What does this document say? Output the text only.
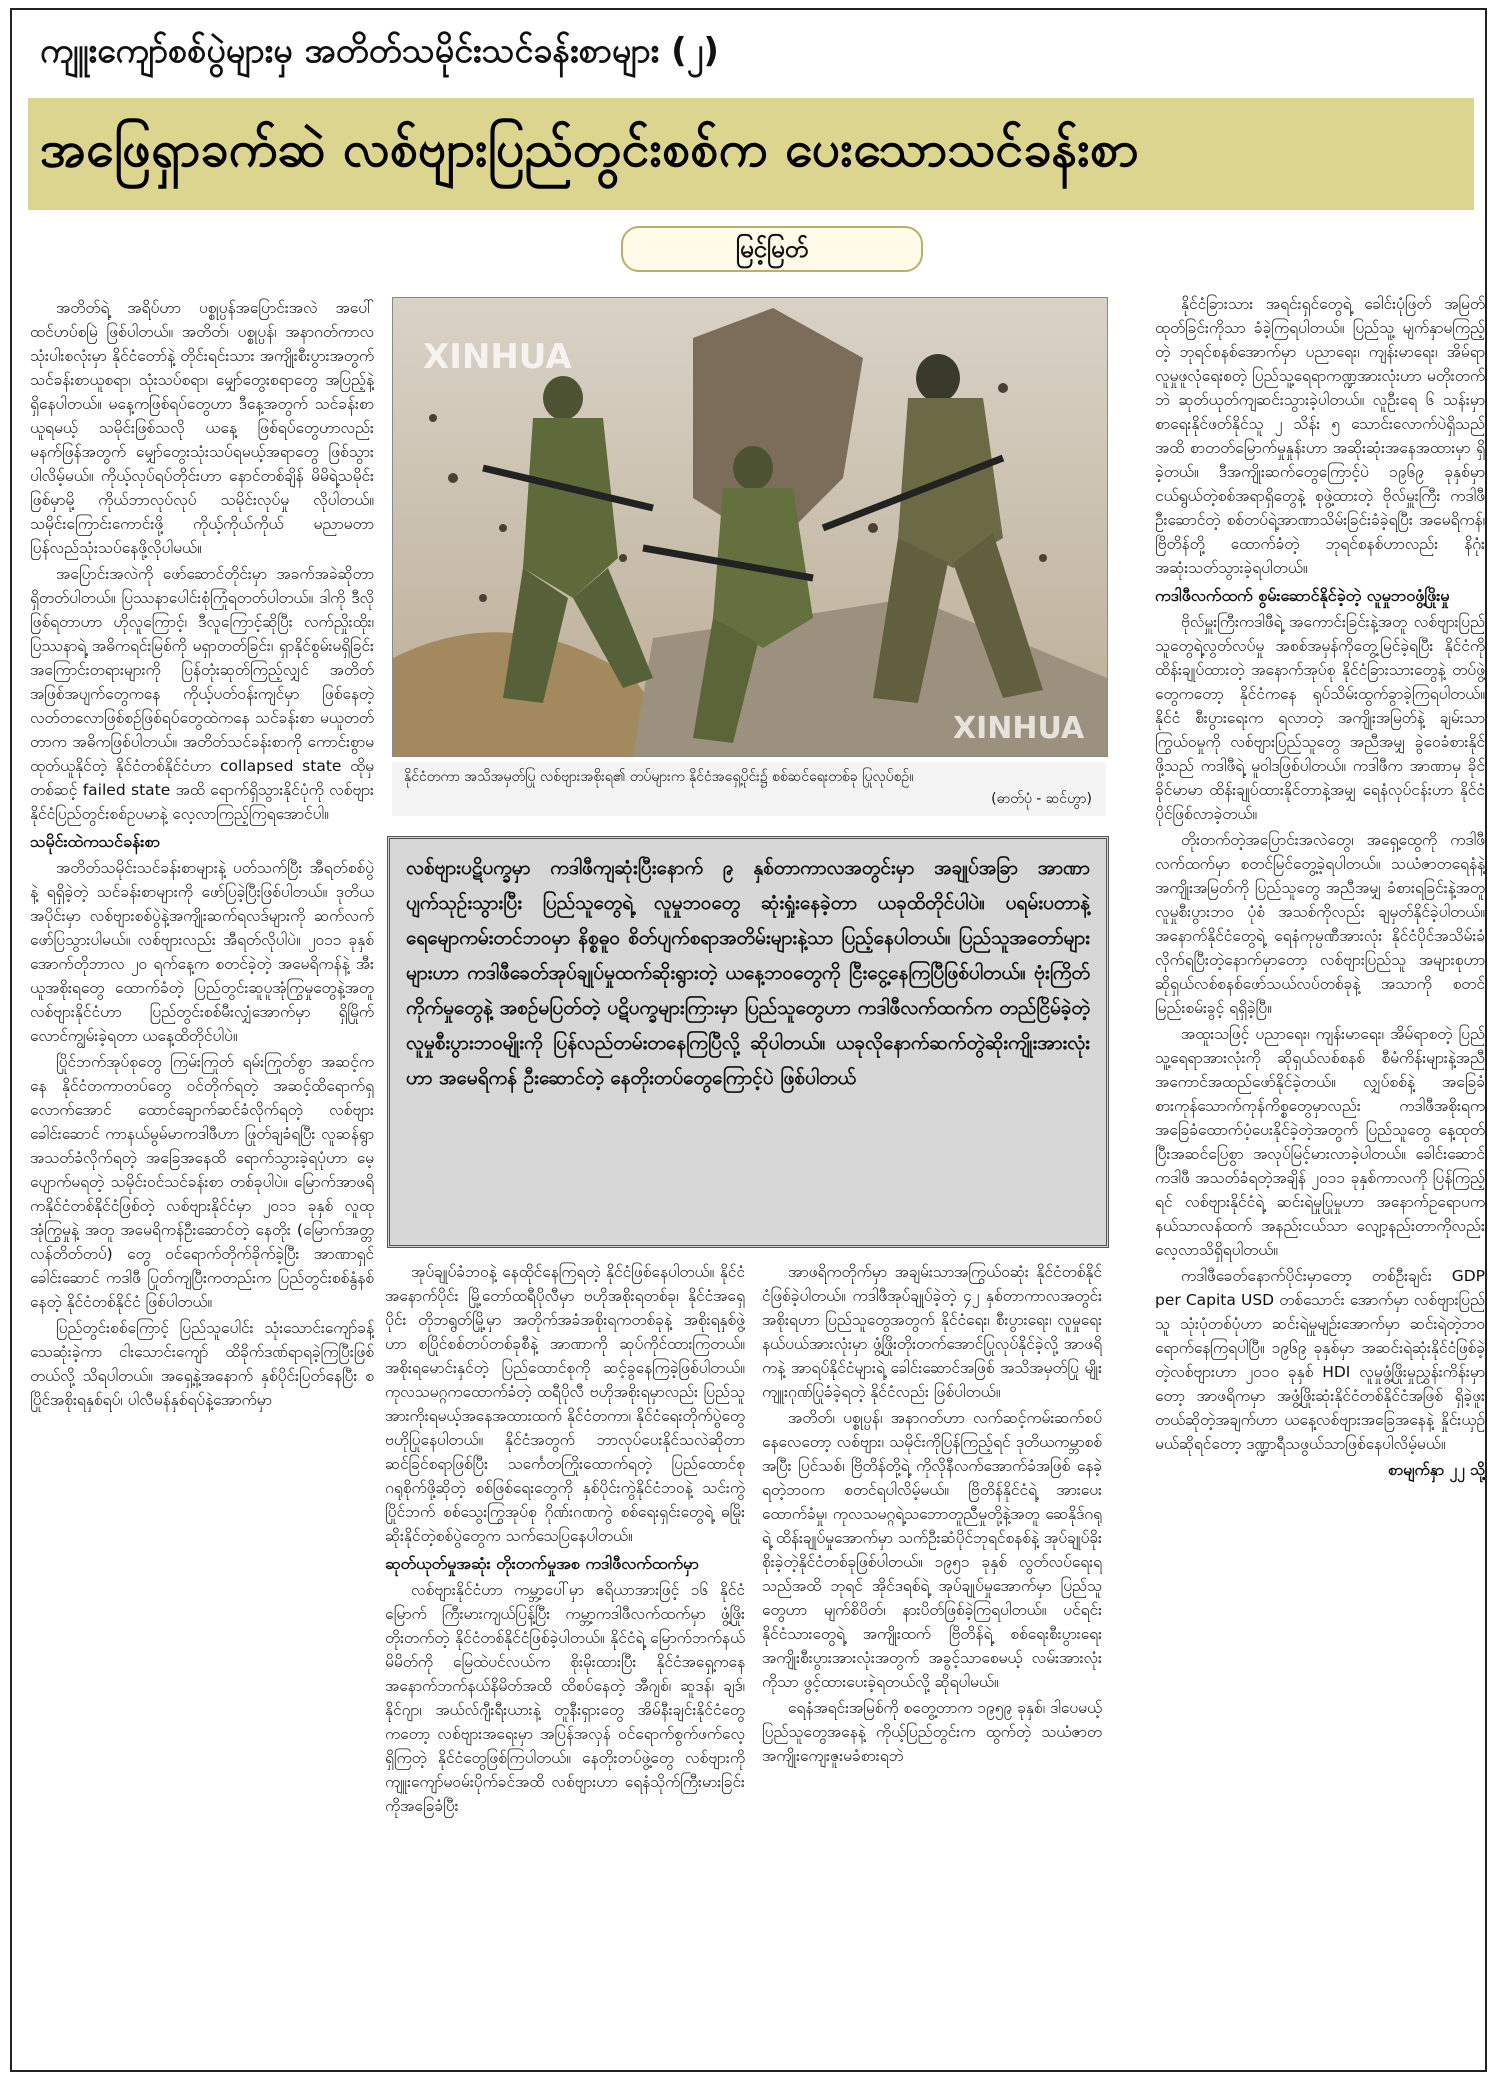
ကျူးကျော်စစ်ပွဲများမှ အတိတ်သမိုင်းသင်ခန်းစာများ (၂)
အဖြေရှာခက်ဆဲ လစ်ဗျားပြည်တွင်းစစ်က ပေးသောသင်ခန်းစာ
မြင့်မြတ်

အတိတ်ရဲ့ အရိပ်ဟာ ပစ္စုပ္ပန်အပြောင်းအလဲ အပေါ် ထင်ဟပ်စမြဲ ဖြစ်ပါတယ်။ အတိတ်၊ ပစ္စုပ္ပန်၊ အနာဂတ်ကာလ သုံးပါးစလုံးမှာ နိုင်ငံတော်နဲ့ တိုင်းရင်းသား အကျိုးစီးပွားအတွက် သင်ခန်းစာယူစရာ၊ သုံးသပ်စရာ၊ မျှော်တွေးစရာတွေ အပြည့်နဲ့ ရှိနေပါတယ်။ မနေ့ကဖြစ်ရပ်တွေဟာ ဒီနေ့အတွက် သင်ခန်းစာယူရမယ့် သမိုင်းဖြစ်သလို ယနေ့ ဖြစ်ရပ်တွေဟာလည်း မနက်ဖြန်အတွက် မျှော်တွေးသုံးသပ်ရမယ့်အရာတွေ ဖြစ်သွားပါလိမ့်မယ်။ ကိုယ့်လုပ်ရပ်တိုင်းဟာ နောင်တစ်ချိန် မိမိရဲ့သမိုင်းဖြစ်မှာမို့ ကိုယ်ဘာလုပ်လုပ် သမိုင်းလုပ်မှု လိုပါတယ်။ သမိုင်းကြောင်းကောင်းဖို့ ကိုယ့်ကိုယ်ကိုယ် မညာမတာ ပြန်လည်သုံးသပ်နေဖို့လိုပါမယ်။

အပြောင်းအလဲကို ဖော်ဆောင်တိုင်းမှာ အခက်အခဲဆိုတာ ရှိတတ်ပါတယ်။ ပြဿနာပေါင်းစုံကြုံရတတ်ပါတယ်။ ဒါကို ဒီလိုဖြစ်ရတာဟာ ဟိုလူကြောင့်၊ ဒီလူကြောင့်ဆိုပြီး လက်ညှိုးထိုး၊ ပြဿနာရဲ့ အဓိကရင်းမြစ်ကို မရှာတတ်ခြင်း၊ ရှာနိုင်စွမ်းမရှိခြင်း အကြောင်းတရားများကို ပြန်တုံးဆုတ်ကြည့်လျှင် အတိတ်အဖြစ်အပျက်တွေကနေ ကိုယ့်ပတ်ဝန်းကျင်မှာ ဖြစ်နေတဲ့ လတ်တလောဖြစ်စဉ်ဖြစ်ရပ်တွေထဲကနေ သင်ခန်းစာ မယူတတ်တာက အဓိကဖြစ်ပါတယ်။ အတိတ်သင်ခန်းစာကို ကောင်းစွာမထုတ်ယူနိုင်တဲ့ နိုင်ငံတစ်နိုင်ငံဟာ collapsed state ထိုမှတစ်ဆင့် failed state အထိ ရောက်ရှိသွားနိုင်ပုံကို လစ်ဗျားနိုင်ငံပြည်တွင်းစစ်ဥပမာနဲ့ လေ့လာကြည့်ကြရအောင်ပါ။

သမိုင်းထဲကသင်ခန်းစာ

အတိတ်သမိုင်းသင်ခန်းစာများနဲ့ ပတ်သက်ပြီး အီရတ်စစ်ပွဲနဲ့ ရရှိခဲ့တဲ့ သင်ခန်းစာများကို ဖော်ပြခဲ့ပြီးဖြစ်ပါတယ်။ ဒုတိယအပိုင်းမှာ လစ်ဗျားစစ်ပွဲနဲ့အကျိုးဆက်ရလဒ်များကို ဆက်လက်ဖော်ပြသွားပါမယ်။ လစ်ဗျားလည်း အီရတ်လိုပါပဲ။ ၂၀၁၁ ခုနှစ် အောက်တိုဘာလ ၂၀ ရက်နေ့က စတင်ခဲ့တဲ့ အမေရိကန်နဲ့ အီးယူအစိုးရတွေ ထောက်ခံတဲ့ ပြည်တွင်းဆူပူအုံကြွမှုတွေနဲ့အတူ လစ်ဗျားနိုင်ငံဟာ ပြည်တွင်းစစ်မီးလျှံအောက်မှာ ရှိမြိုက်လောင်ကျွမ်းခဲ့ရတာ ယနေ့ထိတိုင်ပါပဲ။

ပြိုင်ဘက်အုပ်စုတွေ ကြမ်းကြုတ် ရမ်းကြုတ်စွာ အဆင့်ကနေ နိုင်ငံတကာတပ်တွေ ဝင်တိုက်ရတဲ့ အဆင့်ထိရောက်ရှလောက်အောင် ထောင်ချောက်ဆင်ခံလိုက်ရတဲ့ လစ်ဗျားခေါင်းဆောင် ကာနယ်မွမ်မာကဒါဖီဟာ ဖြုတ်ချခံရပြီး လူဆန်ရွာ အသတ်ခံလိုက်ရတဲ့ အခြေအနေထိ ရောက်သွားခဲ့ရပုံဟာ မေ့ပျောက်မရတဲ့ သမိုင်းဝင်သင်ခန်းစာ တစ်ခုပါပဲ။ မြောက်အာဖရိကနိုင်ငံတစ်နိုင်ငံဖြစ်တဲ့ လစ်ဗျားနိုင်ငံမှာ ၂၀၁၁ ခုနှစ် လူထုအုံကြွမှုနဲ့ အတူ အမေရိကန်ဦးဆောင်တဲ့ နေတိုး (မြောက်အတ္တလန်တိတ်တပ်) တွေ ဝင်ရောက်တိုက်ခိုက်ခဲ့ပြီး အာဏာရှင်ခေါင်းဆောင် ကဒါဖီ ပြုတ်ကျပြီးကတည်းက ပြည်တွင်းစစ်နွံနစ်နေတဲ့ နိုင်ငံတစ်နိုင်ငံ ဖြစ်ပါတယ်။

ပြည်တွင်းစစ်ကြောင့် ပြည်သူပေါင်း သုံးသောင်းကျော်ခန့် သေဆုံးခဲ့ကာ ငါးသောင်းကျော် ထိခိုက်ဒဏ်ရာရခဲ့ကြပြီးဖြစ်တယ်လို့ သိရပါတယ်။ အရှေ့နဲ့အနောက် နှစ်ပိုင်းပြတ်နေပြီး စပြိုင်အစိုးရနှစ်ရပ်၊ ပါလီမန်နှစ်ရပ်နဲ့အောက်မှာ

XINHUA
XINHUA
နိုင်ငံတကာ အသိအမှတ်ပြု လစ်ဗျားအစိုးရ၏ တပ်များက နိုင်ငံအရှေ့ပိုင်း၌ စစ်ဆင်ရေးတစ်ခု ပြုလုပ်စဉ်။
(ဓာတ်ပုံ - ဆင်ဟွာ)
လစ်ဗျားပဋိပက္ခမှာ ကဒါဖီကျဆုံးပြီးနောက် ၉ နှစ်တာကာလအတွင်းမှာ အချုပ်အခြာ အာဏာပျက်သုဉ်းသွားပြီး ပြည်သူတွေရဲ့ လူမှုဘဝတွေ ဆုံးရှုံးနေခဲ့တာ ယခုထိတိုင်ပါပဲ။ ပရမ်းပတာနဲ့ ရေမျောကမ်းတင်ဘဝမှာ နိစ္စဓူဝ စိတ်ပျက်စရာအတိမ်းများနဲ့သာ ပြည့်နေပါတယ်။ ပြည်သူအတော်များများဟာ ကဒါဖီခေတ်အုပ်ချုပ်မှုထက်ဆိုးရွားတဲ့ ယနေ့ဘဝတွေကို ငြီးငွေ့နေကြပြီဖြစ်ပါတယ်။ ဗုံးကြိတ်ကိုက်မှုတွေနဲ့ အစဉ်မပြတ်တဲ့ ပဋိပက္ခများကြားမှာ ပြည်သူတွေဟာ ကဒါဖီလက်ထက်က တည်ငြိမ်ခဲ့တဲ့ လူမှုစီးပွားဘဝမျိုးကို ပြန်လည်တမ်းတနေကြပြီလို့ ဆိုပါတယ်။ ယခုလိုနောက်ဆက်တွဲဆိုးကျိုးအားလုံးဟာ အမေရိကန် ဦးဆောင်တဲ့ နေတိုးတပ်တွေကြောင့်ပဲ ဖြစ်ပါတယ်

အုပ်ချုပ်ခံဘဝနဲ့ နေထိုင်နေကြရတဲ့ နိုင်ငံဖြစ်နေပါတယ်။ နိုင်ငံအနောက်ပိုင်း မြို့တော်ထရီပိုလီမှာ ဗဟိုအစိုးရတစ်ခု၊ နိုင်ငံအရှေ့ပိုင်း တိုဘရွတ်မြို့မှာ အတိုက်အခံအစိုးရကတစ်ခုနဲ့ အစိုးရနှစ်ဖွဲ့ဟာ စပြိုင်စစ်တပ်တစ်ခုစီနဲ့ အာဏာကို ဆုပ်ကိုင်ထားကြတယ်။ အစိုးရမောင်းနှင်တဲ့ ပြည်ထောင်စုကို ဆင့်ခွနေကြခဲ့ဖြစ်ပါတယ်။ ကုလသမဂ္ဂကထောက်ခံတဲ့ ထရီပိုလီ ဗဟိုအစိုးရမှာလည်း ပြည်သူအားကိုးရမယ့်အနေအထားထက် နိုင်ငံတကာ၊ နိုင်ငံရေးတိုက်ပွဲတွေ ဗဟိုပြုနေပါတယ်။ နိုင်ငံအတွက် ဘာလုပ်ပေးနိုင်သလဲဆိုတာ ဆင်ခြင်စရာဖြစ်ပြီး သင်္ကေတကြိုးထောက်ရတဲ့ ပြည်ထောင်စု ဂရုစိုက်ဖို့ဆိုတဲ့ စစ်ဖြစ်ရေးတွေကို နှစ်ပိုင်းကွဲနိုင်ငံဘဝနဲ့ သင်းကွဲပြိုင်ဘက် စစ်သွေးကြွအုပ်စု ဂိုဏ်းဂဏကွဲ စစ်ရေးရှင်းတွေရဲ့ ဓမြိုးဆိုးနိုင်တဲ့စစ်ပွဲတွေက သက်သေပြနေပါတယ်။

ဆုတ်ယုတ်မှုအဆုံး တိုးတက်မှုအစ ကဒါဖီလက်ထက်မှာ

လစ်ဗျားနိုင်ငံဟာ ကမ္ဘာ့ပေါ်မှာ ဧရိယာအားဖြင့် ၁၆ နိုင်ငံမြောက် ကြီးမားကျယ်ပြန့်ပြီး ကမ္ဘာ့ကဒါဖီလက်ထက်မှာ ဖွံ့ဖြိုးတိုးတက်တဲ့ နိုင်ငံတစ်နိုင်ငံဖြစ်ခဲ့ပါတယ်။ နိုင်ငံရဲ့ မြောက်ဘက်နယ်မိမိတ်ကို မြေထဲပင်လယ်က စိုးမိုးထားပြီး နိုင်ငံအရှေ့ကနေ အနောက်ဘက်နယ်နိမိတ်အထိ ထိစပ်နေတဲ့ အီဂျစ်၊ ဆူဒန်၊ ချဒ်၊ နိုင်ဂျာ၊ အယ်လ်ဂျီးရီးယားနဲ့ တူနီးရှားတွေ အိမ်နီးချင်းနိုင်ငံတွေကတော့ လစ်ဗျားအရေးမှာ အပြန်အလှန် ဝင်ရောက်စွက်ဖက်လေ့ရှိကြတဲ့ နိုင်ငံတွေဖြစ်ကြပါတယ်။ နေတိုးတပ်ဖွဲ့တွေ လစ်ဗျားကို ကျူးကျော်မဝမ်းပိုက်ခင်အထိ လစ်ဗျားဟာ ရေနံသိုက်ကြီးမားခြင်းကိုအခြေခံပြီး

အာဖရိကတိုက်မှာ အချမ်းသာအကြွယ်ဝဆုံး နိုင်ငံတစ်နိုင်ငံဖြစ်ခဲ့ပါတယ်။ ကဒါဖီအုပ်ချုပ်ခဲ့တဲ့ ၄၂ နှစ်တာကာလအတွင်း အစိုးရဟာ ပြည်သူတွေအတွက် နိုင်ငံရေး၊ စီးပွားရေး၊ လူမှုရေး နယ်ပယ်အားလုံးမှာ ဖွံ့ဖြိုးတိုးတက်အောင်ပြုလုပ်နိုင်ခဲ့လို့ အာဖရိကနဲ့ အာရပ်နိုင်ငံများရဲ့ ခေါင်းဆောင်အဖြစ် အသိအမှတ်ပြု မျိုးကျူးဂုဏ်ပြုခံခဲ့ရတဲ့ နိုင်ငံလည်း ဖြစ်ပါတယ်။

အတိတ်၊ ပစ္စုပ္ပန်၊ အနာဂတ်ဟာ လက်ဆင့်ကမ်းဆက်စပ်နေလေတော့ လစ်ဗျား၊ သမိုင်းကိုပြန်ကြည့်ရင် ဒုတိယကမ္ဘာစစ်အပြီး ပြင်သစ်၊ ဗြိတိန်တို့ရဲ့ ကိုလိုနီလက်အောက်ခံအဖြစ် နေခဲ့ရတဲ့ဘဝက စတင်ရပါလိမ့်မယ်။ ဗြိတိန်နိုင်ငံရဲ့ အားပေးထောက်ခံမှု၊ ကုလသမဂ္ဂရဲ့သဘောတူညီမှုတို့နဲ့အတူ ဆေနိုဒ်ဂရုရဲ့ ထိန်းချုပ်မှုအောက်မှာ သက်ဦးဆံပိုင်ဘုရင်စနစ်နဲ့ အုပ်ချုပ်ခိုးစိုးခဲ့တဲ့နိုင်ငံတစ်ခုဖြစ်ပါတယ်။ ၁၉၅၁ ခုနှစ် လွတ်လပ်ရေးရသည်အထိ ဘုရင် အိုင်ဒရစ်ရဲ့ အုပ်ချုပ်မှုအောက်မှာ ပြည်သူတွေဟာ မျက်စိပိတ်၊ နားပိတ်ဖြစ်ခဲ့ကြရပါတယ်။ ပင်ရင်းနိုင်ငံသားတွေရဲ့ အကျိုးထက် ဗြိတိန်ရဲ့ စစ်ရေးစီးပွားရေး အကျိုးစီးပွားအားလုံးအတွက် အခွင့်သာစေမယ့် လမ်းအားလုံးကိုသာ ဖွင့်ထားပေးခဲ့ရတယ်လို့ ဆိုရပါမယ်။

ရေနံအရင်းအမြစ်ကို စတွေ့တာက ၁၉၅၉ ခုနှစ်၊ ဒါပေမယ့် ပြည်သူတွေအနေနဲ့ ကိုယ့်ပြည်တွင်းက ထွက်တဲ့ သယံဇာတအကျိုးကျေးဇူးမခံစားရဘဲ

နိုင်ငံခြားသား အရင်းရှင်တွေရဲ့ ခေါင်းပုံဖြတ် အမြတ်ထုတ်ခြင်းကိုသာ ခံခဲ့ကြရပါတယ်။ ပြည်သူ့ မျက်နှာမကြည့်တဲ့ ဘုရင်စနစ်အောက်မှာ ပညာရေး၊ ကျန်းမာရေး၊ အိမ်ရာ လူမှုဖူလုံရေးစတဲ့ ပြည်သူ့ရေရာကဏ္ဍအားလုံးဟာ မတိုးတက်ဘဲ ဆုတ်ယုတ်ကျဆင်းသွားခဲ့ပါတယ်။ လူဦးရေ ၆ သန်းမှာ စာရေးနိုင်ဖတ်နိုင်သူ ၂ သိန်း ၅ သောင်းလောက်ပဲရှိသည်အထိ စာတတ်မြောက်မှုနှုန်းဟာ အဆိုးဆုံးအနေအထားမှာ ရှိခဲ့တယ်။ ဒီအကျိုးဆက်တွေကြောင့်ပဲ ၁၉၆၉ ခုနှစ်မှာ ငယ်ရွယ်တဲ့စစ်အရာရှိတွေနဲ့ စုဖွဲ့ထားတဲ့ ဗိုလ်မှူးကြီး ကဒါဖီ ဦးဆောင်တဲ့ စစ်တပ်ရဲ့အာဏာသိမ်းခြင်းခံခဲ့ရပြီး အမေရိကန်၊ ဗြိတိန်တို့ ထောက်ခံတဲ့ ဘုရင်စနစ်ဟာလည်း နိဂုံးအဆုံးသတ်သွားခဲ့ရပါတယ်။

ကဒါဖီလက်ထက် စွမ်းဆောင်နိုင်ခဲ့တဲ့ လူမှုဘဝဖွံ့ဖြိုးမှု

ဗိုလ်မှူးကြီးကဒါဖီရဲ့ အကောင်းခြင်းနဲ့အတူ လစ်ဗျားပြည်သူတွေရဲ့လွတ်လပ်မှု အစစ်အမှန်ကိုတွေ့မြင်ခဲ့ရပြီး နိုင်ငံကို ထိန်းချုပ်ထားတဲ့ အနောက်အုပ်စု နိုင်ငံခြားသားတွေနဲ့ တပ်ဖွဲ့တွေကတော့ နိုင်ငံကနေ ရုပ်သိမ်းထွက်ခွာခဲ့ကြရပါတယ်။ နိုင်ငံ စီးပွားရေးက ရလာတဲ့ အကျိုးအမြတ်နဲ့ ချမ်းသာကြွယ်ဝမှုကို လစ်ဗျားပြည်သူတွေ အညီအမျှ ခွဲဝေခံစားနိုင်ဖို့သည် ကဒါဖီရဲ့ မူဝါဒဖြစ်ပါတယ်။ ကဒါဖီက အာဏာမှ ခိုင်ခိုင်မာမာ ထိန်းချုပ်ထားနိုင်တာနဲ့အမျှ ရေနံလုပ်ငန်းဟာ နိုင်ငံပိုင်ဖြစ်လာခဲ့တယ်။

တိုးတက်တဲ့အပြောင်းအလဲတွေ၊ အရှေ့ထွေကို ကဒါဖီလက်ထက်မှာ စတင်မြင်တွေ့ခဲ့ရပါတယ်။ သယံဇာတရေနံနဲ့ အကျိုးအမြတ်ကို ပြည်သူတွေ အညီအမျှ ခံစားရခြင်းနဲ့အတူ လူမှုစီးပွားဘဝ ပုံစံ အသစ်ကိုလည်း ချမှတ်နိုင်ခဲ့ပါတယ်။ အနောက်နိုင်ငံတွေရဲ့ ရေနံကုမ္ပဏီအားလုံး နိုင်ငံပိုင်အသိမ်းခံလိုက်ရပြီးတဲ့နောက်မှာတော့ လစ်ဗျားပြည်သူ အများစုဟာ ဆိုရှယ်လစ်စနစ်ဖော်သယ်လပ်တစ်ခုနဲ့ အသာကို စတင်မြည်းစမ်းခွင့် ရရှိခဲ့ပြီ။

အထူးသဖြင့် ပညာရေး၊ ကျန်းမာရေး၊ အိမ်ရာစတဲ့ ပြည်သူ့ရေရာအားလုံးကို ဆိုရှယ်လစ်စနစ် စီမံကိန်းများနဲ့အညီ အကောင်အထည်ဖော်နိုင်ခဲ့တယ်။ လျှပ်စစ်နဲ့ အခြေခံစားကုန်သောက်ကုန်ကိစ္စတွေမှာလည်း ကဒါဖီအစိုးရက အခြေခံထောက်ပံ့ပေးနိုင်ခဲ့တဲ့အတွက် ပြည်သူတွေ နေ့ထုတ်ပြီးအဆင်ပြေစွာ အလုပ်မြင့်မားလာခဲ့ပါတယ်။ ခေါင်းဆောင် ကဒါဖီ အသတ်ခံရတဲ့အချိန် ၂၀၁၁ ခုနှစ်ကာလကို ပြန်ကြည့်ရင် လစ်ဗျားနိုင်ငံရဲ့ ဆင်းရဲမှုပြုမှုဟာ အနောက်ဥရောပက နယ်သာလန်ထက် အနည်းငယ်သာ လျော့နည်းတာကိုလည်း လေ့လာသိရှိရပါတယ်။

ကဒါဖီခေတ်နောက်ပိုင်းမှာတော့ တစ်ဦးချင်း GDP per Capita USD တစ်သောင်း အောက်မှာ လစ်ဗျားပြည်သူ သုံးပုံတစ်ပုံဟာ ဆင်းရဲမှုမျဉ်းအောက်မှာ ဆင်းရဲတဲ့ဘဝ ရောက်နေကြရပါပြီ။ ၁၉၆၉ ခုနှစ်မှာ အဆင်းရဲဆုံးနိုင်ငံဖြစ်ခဲ့တဲ့လစ်ဗျားဟာ ၂၀၁၀ ခုနှစ် HDI လူမှုဖွံ့ဖြိုးမှုညွှန်းကိန်းမှာတော့ အာဖရိကမှာ အဖွံ့ဖြိုးဆုံးနိုင်ငံတစ်နိုင်ငံအဖြစ် ရှိခဲ့ဖူးတယ်ဆိုတဲ့အချက်ဟာ ယနေ့လစ်ဗျားအခြေအနေနဲ့ နှိုင်းယှဉ်မယ်ဆိုရင်တော့ ဒဏ္ဍာရီသဖွယ်သာဖြစ်နေပါလိမ့်မယ်။

စာမျက်နှာ ၂၂ သို့
